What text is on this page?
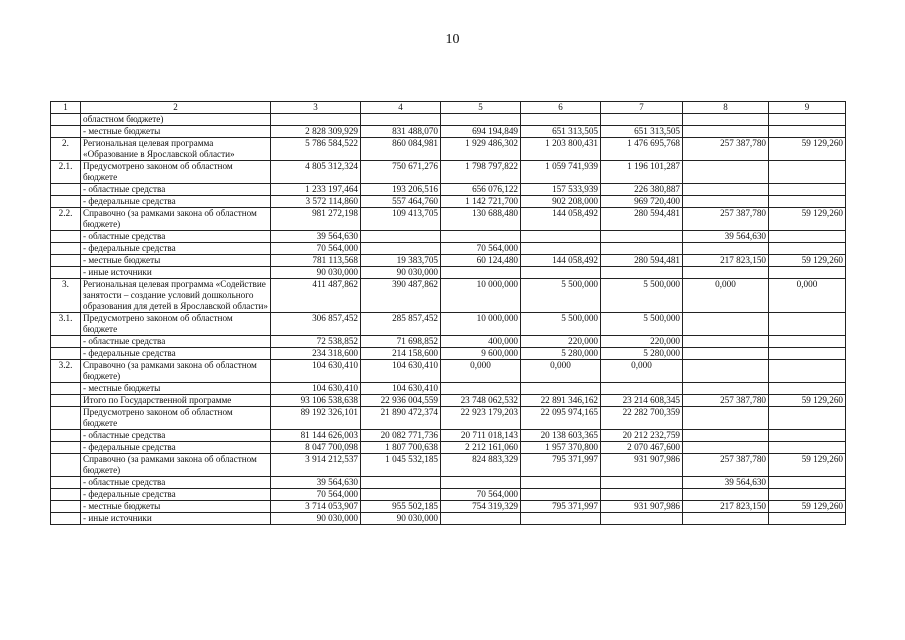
10
1	2	3	4	5	6	7	8	9
	областном бюджете)							
	- местные бюджеты	2 828 309,929	831 488,070	694 194,849	651 313,505	651 313,505		
2.	Региональная целевая программа «Образование в Ярославской области»	5 786 584,522	860 084,981	1 929 486,302	1 203 800,431	1 476 695,768	257 387,780	59 129,260
2.1.	Предусмотрено законом об областном бюджете	4 805 312,324	750 671,276	1 798 797,822	1 059 741,939	1 196 101,287		
	- областные средства	1 233 197,464	193 206,516	656 076,122	157 533,939	226 380,887		
	- федеральные средства	3 572 114,860	557 464,760	1 142 721,700	902 208,000	969 720,400		
2.2.	Справочно (за рамками закона об областном бюджете)	981 272,198	109 413,705	130 688,480	144 058,492	280 594,481	257 387,780	59 129,260
	- областные средства	39 564,630					39 564,630	
	- федеральные средства	70 564,000		70 564,000				
	- местные бюджеты	781 113,568	19 383,705	60 124,480	144 058,492	280 594,481	217 823,150	59 129,260
	- иные источники	90 030,000	90 030,000					
3.	Региональная целевая программа «Содействие занятости – создание условий дошкольного образования для детей в Ярославской области»	411 487,862	390 487,862	10 000,000	5 500,000	5 500,000	0,000	0,000
3.1.	Предусмотрено законом об областном бюджете	306 857,452	285 857,452	10 000,000	5 500,000	5 500,000		
	- областные средства	72 538,852	71 698,852	400,000	220,000	220,000		
	- федеральные средства	234 318,600	214 158,600	9 600,000	5 280,000	5 280,000		
3.2.	Справочно (за рамками закона об областном бюджете)	104 630,410	104 630,410	0,000	0,000	0,000		
	- местные бюджеты	104 630,410	104 630,410					
	Итого по Государственной программе	93 106 538,638	22 936 004,559	23 748 062,532	22 891 346,162	23 214 608,345	257 387,780	59 129,260
	Предусмотрено законом об областном бюджете	89 192 326,101	21 890 472,374	22 923 179,203	22 095 974,165	22 282 700,359		
	- областные средства	81 144 626,003	20 082 771,736	20 711 018,143	20 138 603,365	20 212 232,759		
	- федеральные средства	8 047 700,098	1 807 700,638	2 212 161,060	1 957 370,800	2 070 467,600		
	Справочно (за рамками закона об областном бюджете)	3 914 212,537	1 045 532,185	824 883,329	795 371,997	931 907,986	257 387,780	59 129,260
	- областные средства	39 564,630					39 564,630	
	- федеральные средства	70 564,000		70 564,000				
	- местные бюджеты	3 714 053,907	955 502,185	754 319,329	795 371,997	931 907,986	217 823,150	59 129,260
	- иные источники	90 030,000	90 030,000					
